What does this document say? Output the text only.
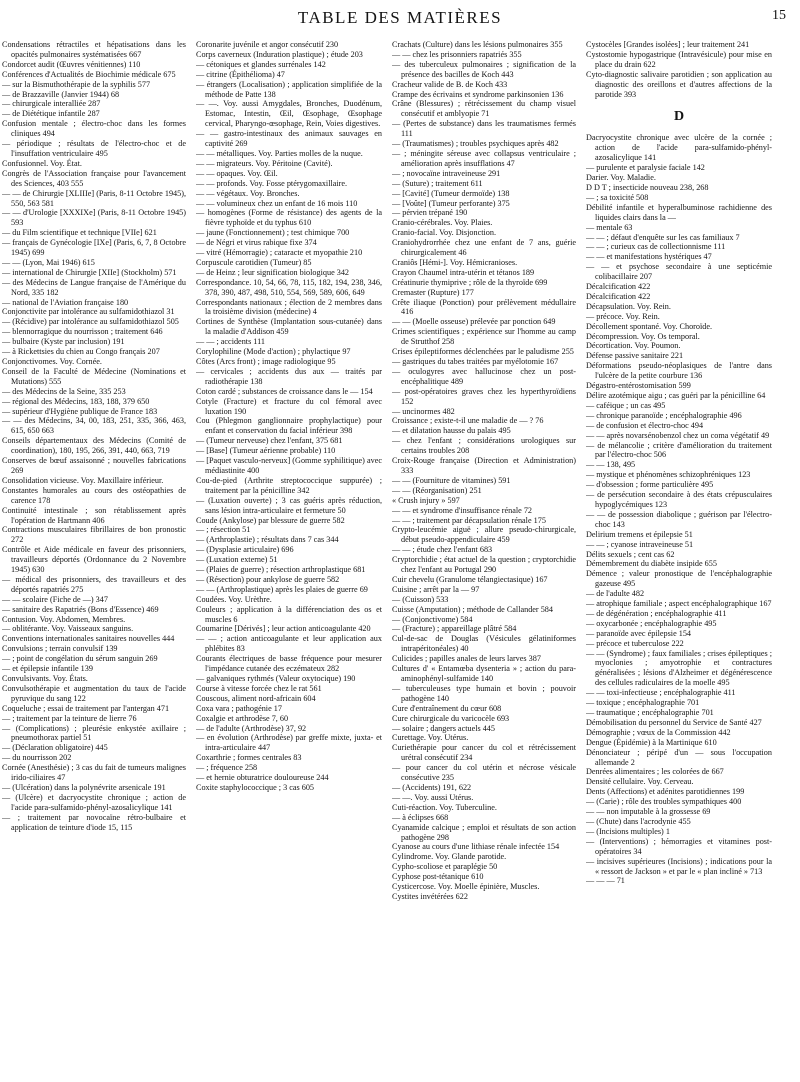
TABLE DES MATIÈRES	15

Condensations rétractiles et hépatisations dans les opacités pulmonaires systématisées 667

Condorcet audit (Œuvres vénitiennes) 110

Conférences d'Actualités de Biochimie médicale 675

— sur la Bismuthothérapie de la syphilis 577

— de Brazzaville (Janvier 1944) 68

— chirurgicale interalliée 287

— de Diététique infantile 287

Confusion mentale ; électro-choc dans les formes cliniques 494

— périodique ; résultats de l'électro-choc et de l'insuffation ventriculaire 495

Confusionnel. Voy. État.

Congrès de l'Association française pour l'avancement des Sciences, 403 555

— — de Chirurgie [XLIIIe] (Paris, 8-11 Octobre 1945), 550, 563 581

— — d'Urologie [XXXIXe] (Paris, 8-11 Octobre 1945) 593

— du Film scientifique et technique [VIIe] 621

— français de Gynécologie [IXe] (Paris, 6, 7, 8 Octobre 1945) 699

— — (Lyon, Mai 1946) 615

— international de Chirurgie [XIIe] (Stockholm) 571

— des Médecins de Langue française de l'Amérique du Nord, 335 182

— national de l'Aviation française 180

Conjonctivite par intolérance au sulfamidothiazol 31

— (Récidive) par intolérance au sulfamidothiazol 505

— blennorragique du nourrisson ; traitement 646

— bulbaire (Kyste par inclusion) 191

— à Rickettsies du chien au Congo français 207

Conjonctivomes. Voy. Cornée.

Conseil de la Faculté de Médecine (Nominations et Mutations) 555

— des Médecins de la Seine, 335 253

— régional des Médecins, 183, 188, 379 650

— supérieur d'Hygiène publique de France 183

— — des Médecins, 34, 00, 183, 251, 335, 366, 463, 615, 650 663

Conseils départementaux des Médecins (Comité de coordination), 180, 195, 266, 391, 440, 663, 719

Conserves de bœuf assaisonné ; nouvelles fabrications 269

Consolidation vicieuse. Voy. Maxillaire inférieur.

Constantes humorales au cours des ostéopathies de carence 178

Continuité intestinale ; son rétablissement après l'opération de Hartmann 406

Contractions musculaires fibrillaires de bon pronostic 272

Contrôle et Aide médicale en faveur des prisonniers, travailleurs déportés (Ordonnance du 2 Novembre 1945) 630

— médical des prisonniers, des travailleurs et des déportés rapatriés 275

— — scolaire (Fiche de —) 347

— sanitaire des Rapatriés (Bons d'Essence) 469

Contusion. Voy. Abdomen, Membres.

— oblitérante. Voy. Vaisseaux sanguins.

Conventions internationales sanitaires nouvelles 444

Convulsions ; terrain convulsif 139

— ; point de congélation du sérum sanguin 269

— et épilepsie infantile 139

Convulsivants. Voy. États.

Convulsothérapie et augmentation du taux de l'acide pyruvique du sang 122

Coqueluche ; essai de traitement par l'antergan 471

— ; traitement par la teinture de lierre 76

— (Complications) ; pleurésie enkystée axillaire ; pneumothorax partiel 51

— (Déclaration obligatoire) 445

— du nourrisson 202

Cornée (Anesthésie) ; 3 cas du fait de tumeurs malignes irido-ciliaires 47

— (Ulcération) dans la polynévrite arsenicale 191

— (Ulcère) et dacryocystite chronique ; action de l'acide para-sulfamido-phényl-azosalicylique 141

— ; traitement par novocaïne rétro-bulbaire et application de teinture d'iode 15, 115

Coronarite juvénile et angor consécutif 230

Corps caverneux (Induration plastique) ; étude 203

— cétoniques et glandes surrénales 142

— citrine (Épithélioma) 47

— étrangers (Localisation) ; application simplifiée de la méthode de Patte 138

— —. Voy. aussi Amygdales, Bronches, Duodénum, Estomac, Intestin, Œil, Œsophage, Œsophage cervical, Pharyngo-œsophage, Rein, Voies digestives.

— — gastro-intestinaux des animaux sauvages en captivité 269

— — métalliques. Voy. Parties molles de la nuque.

— — migrateurs. Voy. Péritoine (Cavité).

— — opaques. Voy. Œil.

— — profonds. Voy. Fosse ptérygomaxillaire.

— — végétaux. Voy. Bronches.

— — volumineux chez un enfant de 16 mois 110

— homogènes (Forme de résistance) des agents de la fièvre typhoïde et du typhus 610

— jaune (Fonctionnement) ; test chimique 700

— de Négri et virus rabique fixe 374

— vitré (Hémorragie) ; cataracte et myopathie 210

Corpuscule carotidien (Tumeur) 85

— de Heinz ; leur signification biologique 342

Correspondance. 10, 54, 66, 78, 115, 182, 194, 238, 346, 378, 390, 487, 498, 510, 554, 569, 589, 606, 649

Correspondants nationaux ; élection de 2 membres dans la troisième division (médecine) 4

Cortines de Synthèse (Implantation sous-cutanée) dans la maladie d'Addison 459

— — ; accidents 111

Corylophiline (Mode d'action) ; phylactique 97

Côtes (Arcs front) ; image radiologique 95

— cervicales ; accidents dus aux — traités par radiothérapie 138

Coton cardé ; substances de croissance dans le — 154

Cotyle (Fracture) et fracture du col fémoral avec luxation 190

Cou (Phlegmon ganglionnaire prophylactique) pour enfant et conservation du facial inférieur 398

— (Tumeur nerveuse) chez l'enfant, 375 681

— [Base] (Tumeur aérienne probable) 110

— [Paquet vasculo-nerveux] (Gomme syphilitique) avec médiastinite 400

Cou-de-pied (Arthrite streptococcique suppurée) ; traitement par la pénicilline 342

— (Luxation ouverte) ; 3 cas guéris après réduction, sans lésion intra-articulaire et fermeture 50

Coude (Ankylose) par blessure de guerre 582

— ; résection 51

— (Arthroplastie) ; résultats dans 7 cas 344

— (Dysplasie articulaire) 696

— (Luxation externe) 51

— (Plaies de guerre) ; résection arthroplastique 681

— (Résection) pour ankylose de guerre 582

— — (Arthroplastique) après les plaies de guerre 69

Coudées. Voy. Urèthre.

Couleurs ; application à la différenciation des os et muscles 6

Coumarine [Dérivés] ; leur action anticoagulante 420

— — ; action anticoagulante et leur application aux phlébites 83

Courants électriques de basse fréquence pour mesurer l'impédance cutanée des eczémateux 282

— galvaniques rythmés (Valeur oxytocique) 190

Course à vitesse forcée chez le rat 561

Couscous, aliment nord-africain 604

Coxa vara ; pathogénie 17

Coxalgie et arthrodèse 7, 60

— de l'adulte (Arthrodèse) 37, 92

— en évolution (Arthrodèse) par greffe mixte, juxta- et intra-articulaire 447

Coxarthrie ; formes centrales 83

— ; fréquence 258

— et hernie obturatrice douloureuse 244

Coxite staphylococcique ; 3 cas 605

Crachats (Culture) dans les lésions pulmonaires 355

— — chez les prisonniers rapatriés 355

— des tuberculeux pulmonaires ; signification de la présence des bacilles de Koch 443

Cracheur valide de B. de Koch 433

Crampe des écrivains et syndrome parkinsonien 136

Crâne (Blessures) ; rétrécissement du champ visuel consécutif et amblyopie 71

— (Pertes de substance) dans les traumatismes fermés 111

— (Traumatismes) ; troubles psychiques après 482

— ; méningite séreuse avec collapsus ventriculaire ; amélioration après insufflations 47

— ; novocaïne intraveineuse 291

— (Suture) ; traitement 611

— [Cavité] (Tumeur dermoïde) 138

— [Voûte] (Tumeur perforante) 375

— pérvien trépané 190

Cranio-cérébrales. Voy. Plaies.

Cranio-facial. Voy. Disjonction.

Craniohydrorrhée chez une enfant de 7 ans, guérie chirurgicalement 46

Craniôs [Hémi-]. Voy. Hémicranioses.

Crayon Chaumel intra-utérin et tétanos 189

Créatinurie thymiprive ; rôle de la thyroïde 699

Cremaster (Rupture) 177

Crête iliaque (Ponction) pour prélèvement médullaire 416

— — (Moelle osseuse) prélevée par ponction 649

Crimes scientifiques ; expérience sur l'homme au camp de Strutthof 258

Crises épileptiformes déclenchées par le paludisme 255

— gastriques du tabes traitées par myélotomie 167

— oculogyres avec hallucinose chez un post-encéphalitique 489

— post-opératoires graves chez les hyperthyroïdiens 152

— uncinormes 482

Croissance ; existe-t-il une maladie de — ? 76

— et dilatation hausse du palais 495

— chez l'enfant ; considérations urologiques sur certains troubles 208

Croix-Rouge française (Direction et Administration) 333

— — (Fourniture de vitamines) 591

— — (Réorganisation) 251

« Crush injury » 597

— — et syndrome d'insuffisance rénale 72

— — ; traitement par décapsulation rénale 175

Crypto-leucémie aiguë ; allure pseudo-chirurgicale, début pseudo-appendiculaire 459

— — ; étude chez l'enfant 683

Cryptorchidie ; état actuel de la question ; cryptorchidie chez l'enfant au Portugal 290

Cuir chevelu (Granulome télangiectasique) 167

Cuisine ; arrêt par la — 97

— (Cuisson) 533

Cuisse (Amputation) ; méthode de Callander 584

— (Conjonctivome) 584

— (Fracture) ; appareillage plâtré 584

Cul-de-sac de Douglas (Vésicules gélatiniformes intrapéritonéales) 40

Culicides ; papilles anales de leurs larves 387

Cultures d' « Entamœba dysenteria » ; action du para-aminophényl-sulfamide 140

— tuberculeuses type humain et bovin ; pouvoir pathogène 140

Cure d'entraînement du cœur 608

Cure chirurgicale du varicocèle 693

— solaire ; dangers actuels 445

Curettage. Voy. Utérus.

Curiethérapie pour cancer du col et rétrécissement urétral consécutif 234

— pour cancer du col utérin et nécrose vésicale consécutive 235

— (Accidents) 191, 622

— —. Voy. aussi Utérus.

Cuti-réaction. Voy. Tuberculine.

— à éclipses 668

Cyanamide calcique ; emploi et résultats de son action pathogène 298

Cyanose au cours d'une lithiase rénale infectée 154

Cylindrome. Voy. Glande parotide.

Cypho-scoliose et paraplégie 50

Cyphose post-tétanique 610

Cysticercose. Voy. Moelle épinière, Muscles.

Cystites invétérées 622

Cystocèles [Grandes isolées] ; leur traitement 241

Cystostomie hypogastrique (Intravésicule) pour mise en place du drain 622

Cyto-diagnostic salivaire parotidien ; son application au diagnostic des oreillons et d'autres affections de la parotide 393

D

Dacryocystite chronique avec ulcère de la cornée ; action de l'acide para-sulfamido-phényl-azosalicylique 141

— purulente et paralysie faciale 142

Darier. Voy. Maladie.

D D T ; insecticide nouveau 238, 268

— ; sa toxicité 508

Débilité infantile et hyperalbuminose rachidienne des liquides clairs dans la —

— mentale 63

— — ; défaut d'enquête sur les cas familiaux 7

— — ; curieux cas de collectionnisme 111

— — et manifestations hystériques 47

— — et psychose secondaire à une septicémie colibacillaire 207

Décalcification 422

Décalcification 422

Décapsulation. Voy. Rein.

— précoce. Voy. Rein.

Décollement spontané. Voy. Choroïde.

Décompression. Voy. Os temporal.

Décortication. Voy. Poumon.

Défense passive sanitaire 221

Déformations pseudo-néoplasiques de l'antre dans l'ulcère de la petite courbure 136

Dégastro-entérostomisation 599

Délire azotémique aigu ; cas guéri par la pénicilline 64

— caféique ; un cas 495

— chronique paranoïde ; encéphalographie 496

— de confusion et électro-choc 494

— — après novarsénobenzol chez un coma végétatif 49

— de mélancolie ; critère d'amélioration du traitement par l'électro-choc 506

— — 138, 495

— mystique et phénomènes schizophréniques 123

— d'obsession ; forme particulière 495

— de persécution secondaire à des états crépusculaires hypoglycémiques 123

— — de possession diabolique ; guérison par l'électro-choc 143

Delirium tremens et épilepsie 51

— — ; cyanose intraveineuse 51

Délits sexuels ; cent cas 62

Démembrement du diabète insipide 655

Démence ; valeur pronostique de l'encéphalographie gazeuse 495

— de l'adulte 482

— atrophique familiale ; aspect encéphalographique 167

— de dégénération ; encéphalographie 411

— oxycarbonée ; encéphalographie 495

— paranoïde avec épilepsie 154

— précoce et tuberculose 222

— — (Syndrome) ; faux familiales ; crises épileptiques ; myoclonies ; amyotrophie et contractures généralisées ; lésions d'Alzheimer et dégénérescence des cellules radiculaires de la moelle 495

— — toxi-infectieuse ; encéphalographie 411

— toxique ; encéphalographie 701

— traumatique ; encéphalographie 701

Démobilisation du personnel du Service de Santé 427

Démographie ; vœux de la Commission 442

Dengue (Épidémie) à la Martinique 610

Dénonciateur ; péripé d'un — sous l'occupation allemande 2

Denrées alimentaires ; les colorées de 667

Densité cellulaire. Voy. Cerveau.

Dents (Affections) et adénites parotidiennes 199

— (Carie) ; rôle des troubles sympathiques 400

— — non imputable à la grossesse 69

— (Chute) dans l'acrodynie 455

— (Incisions multiples) 1

— (Interventions) ; hémorragies et vitamines post-opératoires 34

— incisives supérieures (Incisions) ; indications pour la « ressort de Jackson » et par le « plan incliné » 713

— — — 71
